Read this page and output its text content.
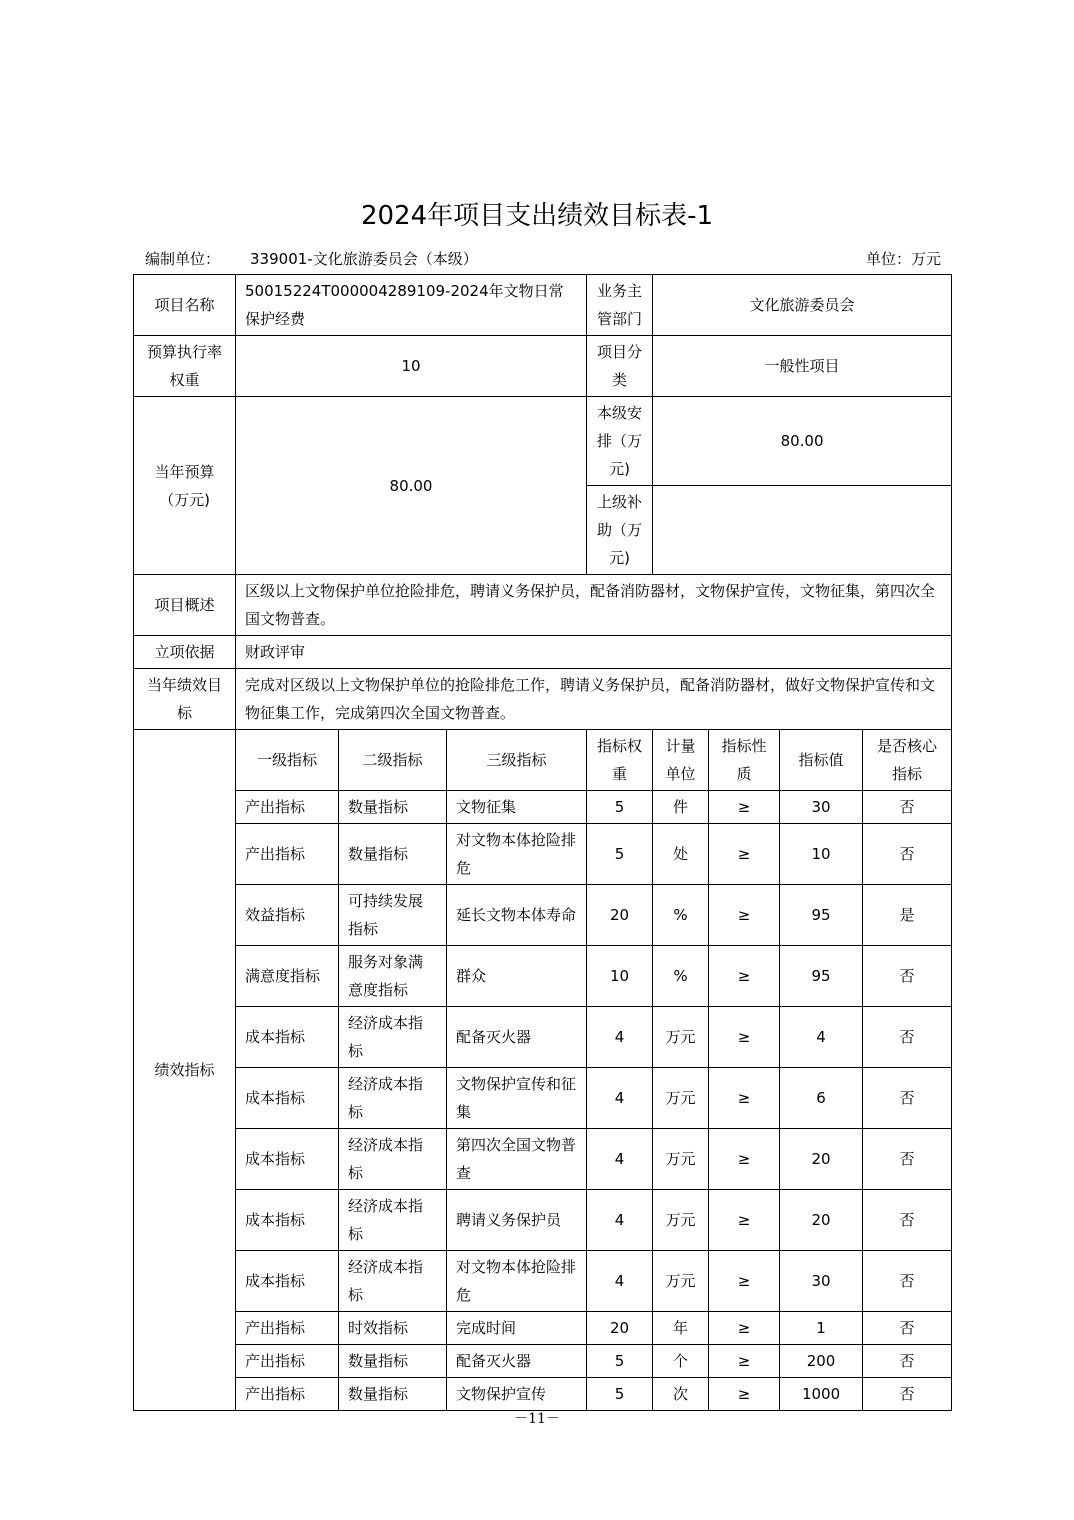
2024年项目支出绩效目标表-1
编制单位： 339001-文化旅游委员会（本级）	单位：万元
项目名称	50015224T000004289109-2024年文物日常保护经费			业务主管部门	文化旅游委员会			
预算执行率权重	10			项目分类	一般性项目			
当年预算（万元)	80.00			本级安排（万元)	80.00			
				上级补助（万元)				
项目概述	区级以上文物保护单位抢险排危，聘请义务保护员，配备消防器材，文物保护宣传，文物征集，第四次全国文物普查。							
立项依据	财政评审							
当年绩效目标	完成对区级以上文物保护单位的抢险排危工作，聘请义务保护员，配备消防器材，做好文物保护宣传和文物征集工作，完成第四次全国文物普查。							
绩效指标	一级指标	二级指标	三级指标	指标权重	计量单位	指标性质	指标值	是否核心指标
	产出指标	数量指标	文物征集	5	件	≥	30	否
	产出指标	数量指标	对文物本体抢险排危	5	处	≥	10	否
	效益指标	可持续发展指标	延长文物本体寿命	20	%	≥	95	是
	满意度指标	服务对象满意度指标	群众	10	%	≥	95	否
	成本指标	经济成本指标	配备灭火器	4	万元	≥	4	否
	成本指标	经济成本指标	文物保护宣传和征集	4	万元	≥	6	否
	成本指标	经济成本指标	第四次全国文物普查	4	万元	≥	20	否
	成本指标	经济成本指标	聘请义务保护员	4	万元	≥	20	否
	成本指标	经济成本指标	对文物本体抢险排危	4	万元	≥	30	否
	产出指标	时效指标	完成时间	20	年	≥	1	否
	产出指标	数量指标	配备灭火器	5	个	≥	200	否
	产出指标	数量指标	文物保护宣传	5	次	≥	1000	否
－11－
